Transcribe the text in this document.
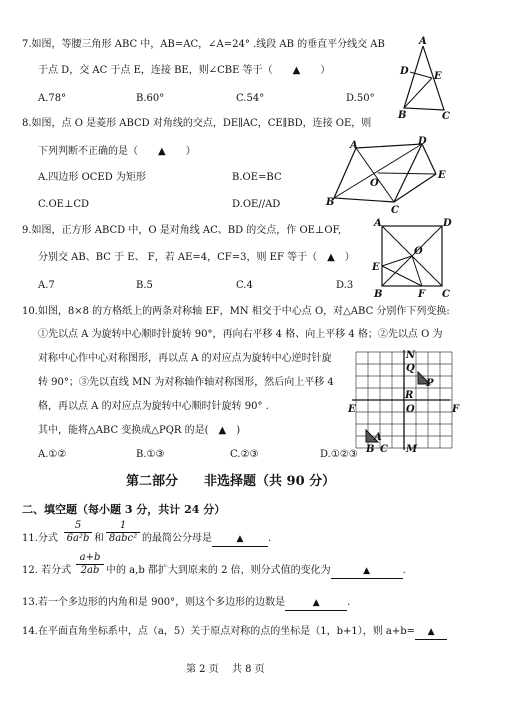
7.如图，等腰三角形 ABC 中，AB=AC，∠A=24° .线段 AB 的垂直平分线交 AB
于点 D，交 AC 于点 E，连接 BE，则∠CBE 等于（　　▲　　）
A.78°	B.60°	C.54°	D.50°
A
D	E
B	C
8.如图，点 O 是菱形 ABCD 对角线的交点，DE∥AC，CE∥BD，连接 OE，则
下列判断不正确的是（　　▲　　）
A.四边形 OCED 为矩形	B.OE=BC
C.OE⊥CD	D.OE//AD
A	D
E
O
B
C
9.如图，正方形 ABCD 中，O 是对角线 AC、BD 的交点，作 OE⊥OF,
分别交 AB、BC 于 E、 F，若 AE=4，CF=3，则 EF 等于（　▲　）
A.7	B.5	C.4	D.3
A	D
O
E
B	F C
10.如图，8×8 的方格纸上的两条对称轴 EF，MN 相交于中心点 O，对△ABC 分别作下列变换:
①先以点 A 为旋转中心顺时针旋转 90°，再向右平移 4 格、向上平移 4 格；②先以点 O 为
对称中心作中心对称图形，再以点 A 的对应点为旋转中心逆时针旋
转 90°；③先以直线 MN 为对称轴作轴对称图形，然后向上平移 4
格，再以点 A 的对应点为旋转中心顺时针旋转 90° .
其中，能将△ABC 变换成△PQR 的是(　▲　)
A.①②	B.①③	C.②③	D.①②③
N
Q
P
E
R
O	F
A
B C M
第二部分　　非选择题（共 90 分）
二、填空题（每小题 3 分，共计 24 分）
11.分式 $\frac{5}{\text{6a²b}}$ 和
1
8abc² 的最简公分母是	▲ .
12. 若分式 $\frac{a+b}{2ab}$ 中的 a,b 都扩大到原来的 2 倍，则分式值的变化为	▲	.
13.若一个多边形的内角和是 900°，则这个多边形的边数是	▲	.
14.在平面直角坐标系中，点（a，5）关于原点对称的点的坐标是（1，b+1），则 a+b= ▲
第 2 页　 共 8 页
